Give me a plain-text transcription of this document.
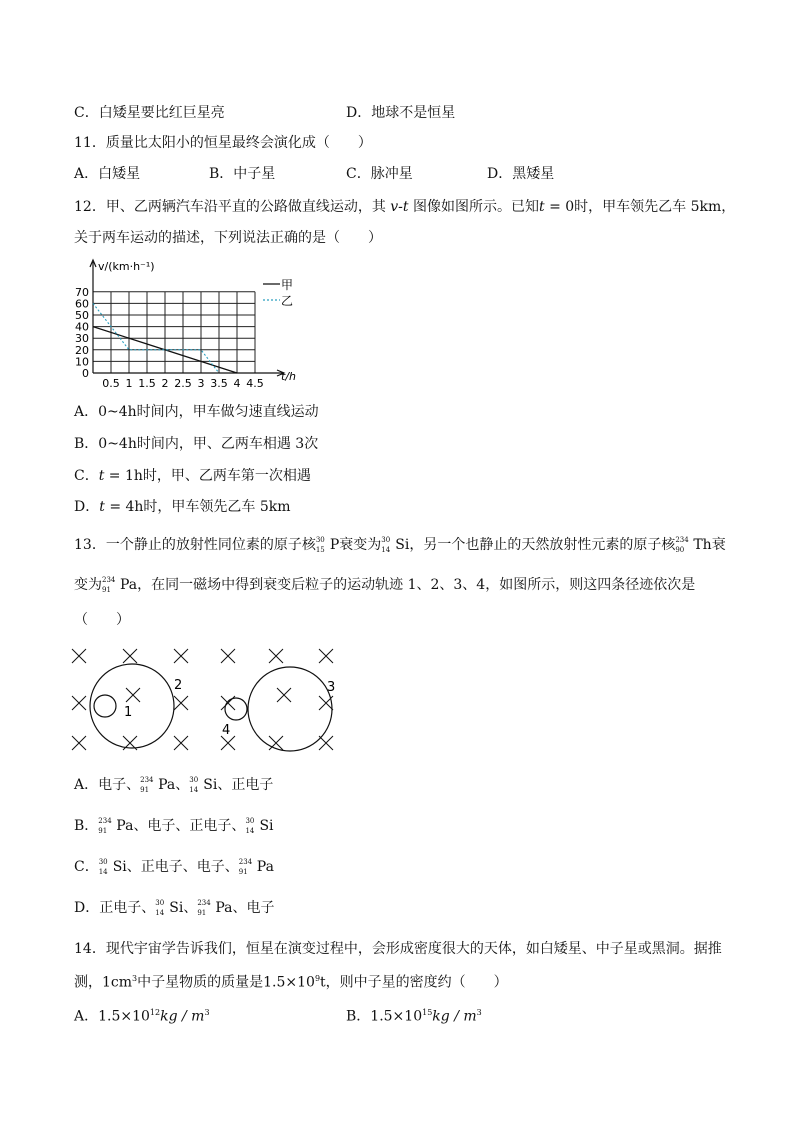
C．白矮星要比红巨星亮	D．地球不是恒星
11．质量比太阳小的恒星最终会演化成（　　）
A．白矮星	B．中子星	C．脉冲星	D．黑矮星
12．甲、乙两辆汽车沿平直的公路做直线运动，其 v-t 图像如图所示。已知t = 0时，甲车领先乙车 5km，
关于两车运动的描述，下列说法正确的是（　　）
v/(km·h⁻¹)
t/h
0
10
20
30
40
50
60
70
0.5 1 1.5 2 2.5 3 3.5 4 4.5
甲
乙
A．0~4h时间内，甲车做匀速直线运动
B．0~4h时间内，甲、乙两车相遇 3次
C．t = 1h时，甲、乙两车第一次相遇
D．t = 4h时，甲车领先乙车 5km
13．一个静止的放射性同位素的原子核 30
15 P衰变为 30
14 Si，另一个也静止的天然放射性元素的原子核 234
90 Th衰
变为 234
91 Pa，在同一磁场中得到衰变后粒子的运动轨迹 1、2、3、4，如图所示，则这四条径迹依次是
（　　）
1
2	3
4
A．电子、 234
91 Pa、 30
14 Si、正电子
B． 234
91 Pa、电子、正电子、 30
14 Si
C． 30
14 Si、正电子、电子、 234
91 Pa
D．正电子、 30
14 Si、 234
91 Pa、电子
14．现代宇宙学告诉我们，恒星在演变过程中，会形成密度很大的天体，如白矮星、中子星或黑洞。据推
测，$1cm^3$中子星物质的质量是$1.5\times 10^9t$，则中子星的密度约（　　）
A．$1.5\times 10^{12}kg / m^3$	B．$1.5\times 10^{15}kg / m^3$
